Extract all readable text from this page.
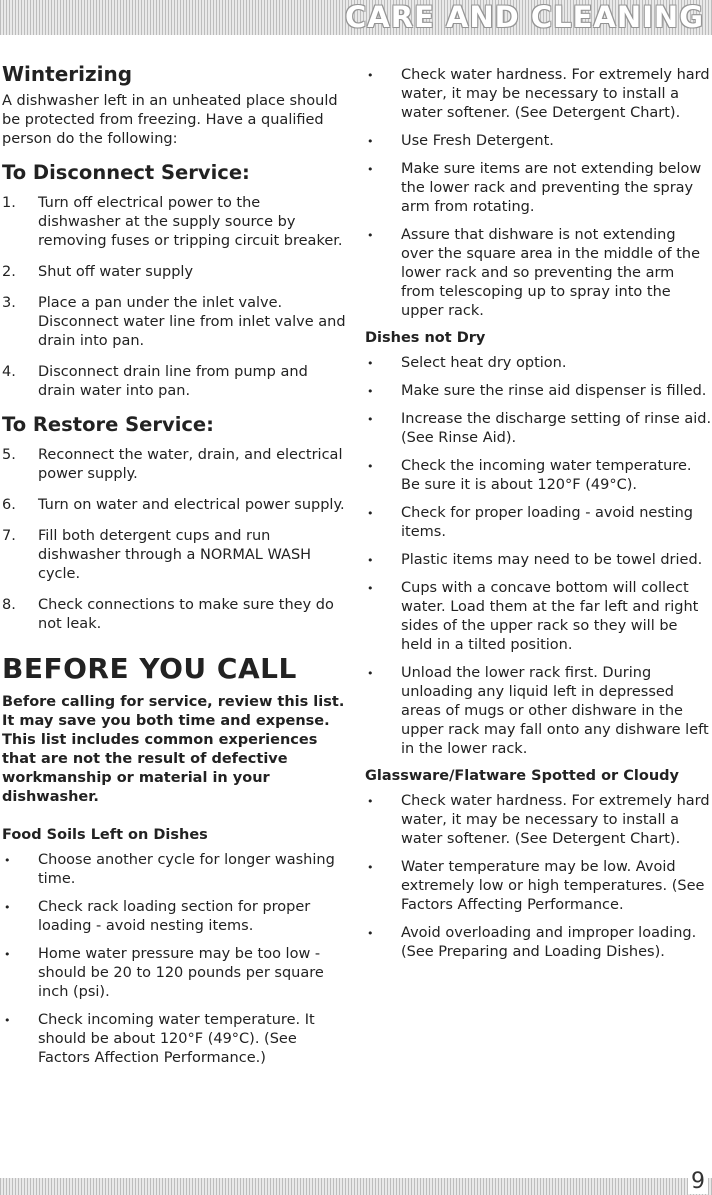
CARE AND CLEANING
Winterizing

A dishwasher left in an unheated place should be protected from freezing. Have a qualified person do the following:

To Disconnect Service:
1. Turn off electrical power to the dishwasher at the supply source by removing fuses or tripping circuit breaker.
2. Shut off water supply
3. Place a pan under the inlet valve. Disconnect water line from inlet valve and drain into pan.
4. Disconnect drain line from pump and drain water into pan.
To Restore Service:
5. Reconnect the water, drain, and electrical power supply.
6. Turn on water and electrical power supply.
7. Fill both detergent cups and run dishwasher through a NORMAL WASH cycle.
8. Check connections to make sure they do not leak.
BEFORE YOU CALL

Before calling for service, review this list. It may save you both time and expense. This list includes common experiences that are not the result of defective workmanship or material in your dishwasher.

Food Soils Left on Dishes
• Choose another cycle for longer washing time.
• Check rack loading section for proper loading - avoid nesting items.
• Home water pressure may be too low - should be 20 to 120 pounds per square inch (psi).
• Check incoming water temperature. It should be about 120°F (49°C). (See Factors Affection Performance.)
• Check water hardness. For extremely hard water, it may be necessary to install a water softener. (See Detergent Chart).
• Use Fresh Detergent.
• Make sure items are not extending below the lower rack and preventing the spray arm from rotating.
• Assure that dishware is not extending over the square area in the middle of the lower rack and so preventing the arm from telescoping up to spray into the upper rack.
Dishes not Dry
• Select heat dry option.
• Make sure the rinse aid dispenser is filled.
• Increase the discharge setting of rinse aid. (See Rinse Aid).
• Check the incoming water temperature. Be sure it is about 120°F (49°C).
• Check for proper loading - avoid nesting items.
• Plastic items may need to be towel dried.
• Cups with a concave bottom will collect water. Load them at the far left and right sides of the upper rack so they will be held in a tilted position.
• Unload the lower rack first. During unloading any liquid left in depressed areas of mugs or other dishware in the upper rack may fall onto any dishware left in the lower rack.
Glassware/Flatware Spotted or Cloudy
• Check water hardness. For extremely hard water, it may be necessary to install a water softener. (See Detergent Chart).
• Water temperature may be low. Avoid extremely low or high temperatures. (See Factors Affecting Performance.
• Avoid overloading and improper loading. (See Preparing and Loading Dishes).
9
